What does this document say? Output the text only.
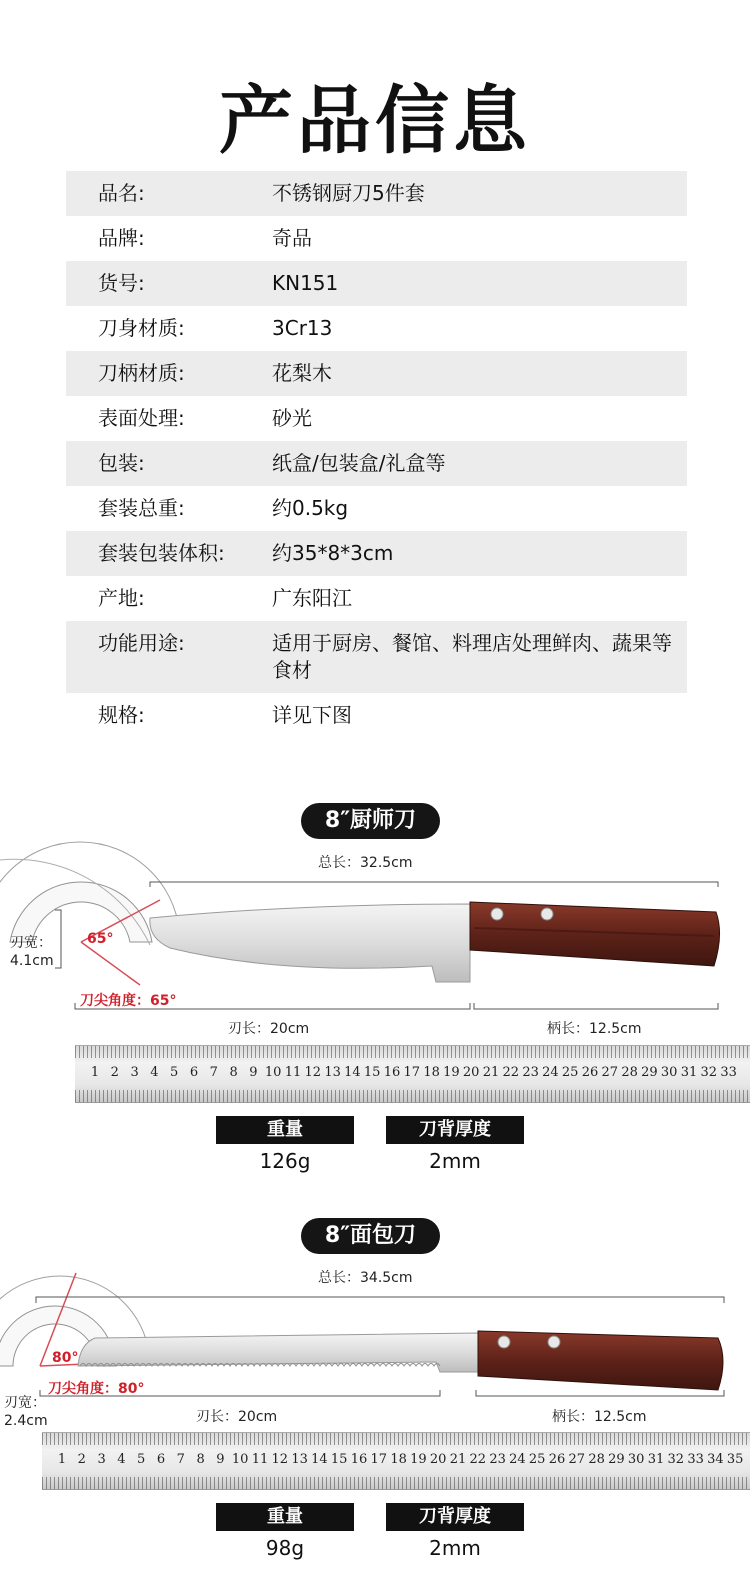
产品信息
品名:	不锈钢厨刀5件套
品牌:	奇品
货号:	KN151
刀身材质:	3Cr13
刀柄材质:	花梨木
表面处理:	砂光
包装:	纸盒/包装盒/礼盒等
套装总重:	约0.5kg
套装包装体积:	约35*8*3cm
产地:	广东阳江
功能用途:	适用于厨房、餐馆、料理店处理鲜肉、蔬果等食材
规格:	详见下图
8″厨师刀
总长：32.5cm
刃宽：
4.1cm
65°
刀尖角度：65°
刃长：20cm	柄长：12.5cm
1 2 3 4 5 6 7 8 9 10 11 12 13 14 15 16 17 18 19 20 21 22 23 24 25 26 27 28 29 30 31 32 33
重量	刀背厚度
126g	2mm
8″面包刀
总长：34.5cm
80°
刀尖角度：80°
刃宽：
2.4cm	刃长：20cm	柄长：12.5cm
1 2 3 4 5 6 7 8 9 10 11 12 13 14 15 16 17 18 19 20 21 22 23 24 25 26 27 28 29 30 31 32 33 34 35
重量	刀背厚度
98g	2mm
